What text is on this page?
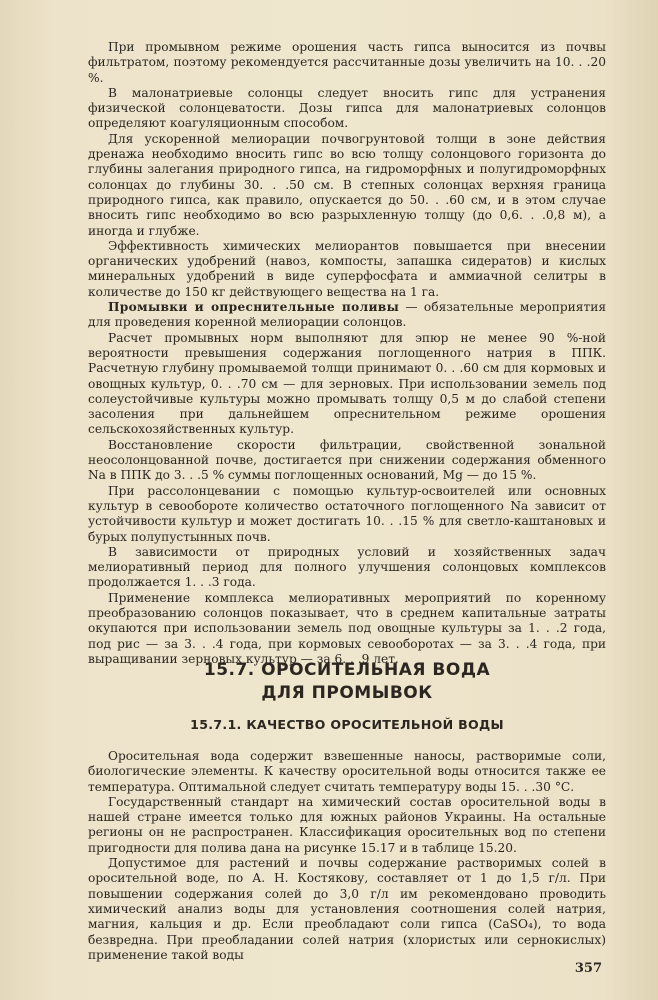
При промывном режиме орошения часть гипса выносится из почвы фильтратом, поэтому рекомендуется рассчитанные дозы увеличить на 10. . .20 %.

В малонатриевые солонцы следует вносить гипс для устранения физической солонцеватости. Дозы гипса для малонатриевых солонцов определяют коагуляционным способом.

Для ускоренной мелиорации почвогрунтовой толщи в зоне действия дренажа необходимо вносить гипс во всю толщу солонцового горизонта до глубины залегания природного гипса, на гидроморфных и полугидроморфных солонцах до глубины 30. . .50 см. В степных солонцах верхняя граница природного гипса, как правило, опускается до 50. . .60 см, и в этом случае вносить гипс необходимо во всю разрыхленную толщу (до 0,6. . .0,8 м), а иногда и глубже.

Эффективность химических мелиорантов повышается при внесении органических удобрений (навоз, компосты, запашка сидератов) и кислых минеральных удобрений в виде суперфосфата и аммиачной селитры в количестве до 150 кг действующего вещества на 1 га.

Промывки и опреснительные поливы — обязательные мероприятия для проведения коренной мелиорации солонцов.

Расчет промывных норм выполняют для эпюр не менее 90 %-ной вероятности превышения содержания поглощенного натрия в ППК. Расчетную глубину промываемой толщи принимают 0. . .60 см для кормовых и овощных культур, 0. . .70 см — для зерновых. При использовании земель под солеустойчивые культуры можно промывать толщу 0,5 м до слабой степени засоления при дальнейшем опреснительном режиме орошения сельскохозяйственных культур.

Восстановление скорости фильтрации, свойственной зональной неосолонцованной почве, достигается при снижении содержания обменного Na в ППК до 3. . .5 % суммы поглощенных оснований, Mg — до 15 %.

При рассолонцевании с помощью культур-освоителей или основных культур в севообороте количество остаточного поглощенного Na зависит от устойчивости культур и может достигать 10. . .15 % для светло-каштановых и бурых полупустынных почв.

В зависимости от природных условий и хозяйственных задач мелиоративный период для полного улучшения солонцовых комплексов продолжается 1. . .3 года.

Применение комплекса мелиоративных мероприятий по коренному преобразованию солонцов показывает, что в среднем капитальные затраты окупаются при использовании земель под овощные культуры за 1. . .2 года, под рис — за 3. . .4 года, при кормовых севооборотах — за 3. . .4 года, при выращивании зерновых культур — за 6. . .9 лет.

15.7. ОРОСИТЕЛЬНАЯ ВОДА
ДЛЯ ПРОМЫВОК
15.7.1. КАЧЕСТВО ОРОСИТЕЛЬНОЙ ВОДЫ

Оросительная вода содержит взвешенные наносы, растворимые соли, биологические элементы. К качеству оросительной воды относится также ее температура. Оптимальной следует считать температуру воды 15. . .30 °С.

Государственный стандарт на химический состав оросительной воды в нашей стране имеется только для южных районов Украины. На остальные регионы он не распространен. Классификация оросительных вод по степени пригодности для полива дана на рисунке 15.17 и в таблице 15.20.

Допустимое для растений и почвы содержание растворимых солей в оросительной воде, по А. Н. Костякову, составляет от 1 до 1,5 г/л. При повышении содержания солей до 3,0 г/л им рекомендовано проводить химический анализ воды для установления соотношения солей натрия, магния, кальция и др. Если преобладают соли гипса (CaSO₄), то вода безвредна. При преобладании солей натрия (хлористых или сернокислых) применение такой воды

357
